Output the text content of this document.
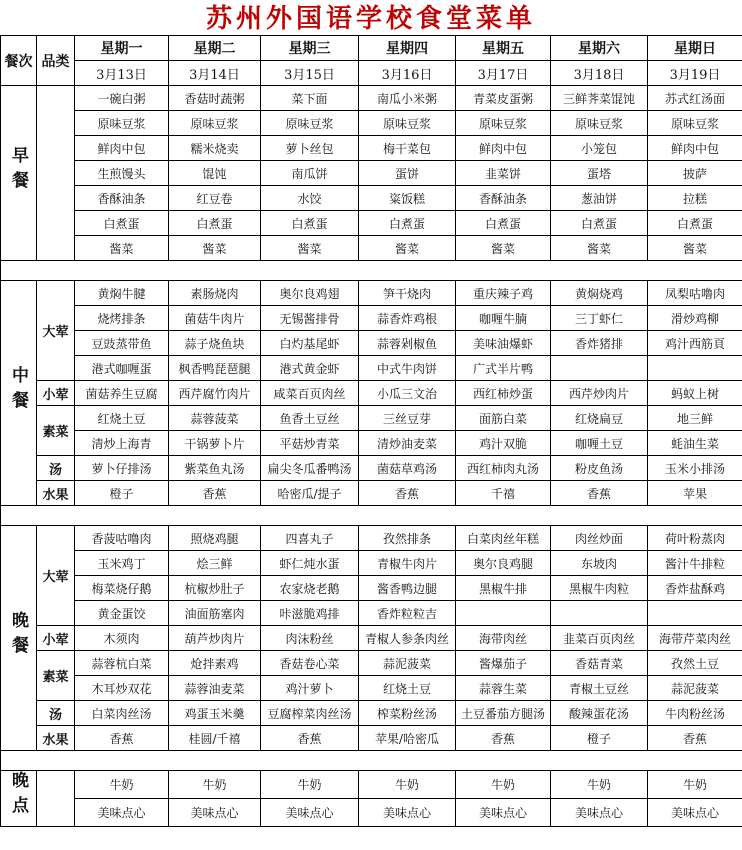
苏州外国语学校食堂菜单
餐次	品类	星期一	星期二	星期三	星期四	星期五	星期六	星期日
		3月13日	3月14日	3月15日	3月16日	3月17日	3月18日	3月19日
早餐		一碗白粥	香菇时蔬粥	菜下面	南瓜小米粥	青菜皮蛋粥	三鲜荠菜馄饨	苏式红汤面
		原味豆浆	原味豆浆	原味豆浆	原味豆浆	原味豆浆	原味豆浆	原味豆浆
		鲜肉中包	糯米烧卖	萝卜丝包	梅干菜包	鲜肉中包	小笼包	鲜肉中包
		生煎馒头	馄饨	南瓜饼	蛋饼	韭菜饼	蛋塔	披萨
		香酥油条	红豆卷	水饺	粢饭糕	香酥油条	葱油饼	拉糕
		白煮蛋	白煮蛋	白煮蛋	白煮蛋	白煮蛋	白煮蛋	白煮蛋
		酱菜	酱菜	酱菜	酱菜	酱菜	酱菜	酱菜

中餐	大荤	黄焖牛腱	素肠烧肉	奥尔良鸡翅	笋干烧肉	重庆辣子鸡	黄焖烧鸡	凤梨咕噜肉
		烧烤排条	菌菇牛肉片	无锡酱排骨	蒜香炸鸡根	咖喱牛腩	三丁虾仁	滑炒鸡柳
		豆豉蒸带鱼	蒜子烧鱼块	白灼基尾虾	蒜蓉剁椒鱼	美味油爆虾	香炸猪排	鸡汁西筋頁
		港式咖喱蛋	枫香鸭琵琶腿	港式黄金虾	中式牛肉饼	广式半片鸭		
	小荤	菌菇养生豆腐	西芹腐竹肉片	咸菜百页肉丝	小瓜三文治	西红柿炒蛋	西芹炒肉片	蚂蚁上树
	素菜	红烧土豆	蒜蓉菠菜	鱼香土豆丝	三丝豆芽	面筋白菜	红烧扁豆	地三鲜
		清炒上海青	干锅萝卜片	平菇炒青菜	清炒油麦菜	鸡汁双脆	咖喱土豆	蚝油生菜
	汤	萝卜仔排汤	紫菜鱼丸汤	扁尖冬瓜番鸭汤	菌菇草鸡汤	西红柿肉丸汤	粉皮鱼汤	玉米小排汤
	水果	橙子	香蕉	哈密瓜/提子	香蕉	千禧	香蕉	苹果

晚餐	大荤	香菠咕噜肉	照烧鸡腿	四喜丸子	孜然排条	白菜肉丝年糕	肉丝炒面	荷叶粉蒸肉
		玉米鸡丁	烩三鲜	虾仁炖水蛋	青椒牛肉片	奥尔良鸡腿	东坡肉	酱汁牛排粒
		梅菜烧仔鹅	杭椒炒肚子	农家烧老鹅	酱香鸭边腿	黑椒牛排	黑椒牛肉粒	香炸盐酥鸡
		黄金蛋饺	油面筋塞肉	咔滋脆鸡排	香炸粒粒吉			
	小荤	木须肉	葫芦炒肉片	肉沫粉丝	青椒人参条肉丝	海带肉丝	韭菜百页肉丝	海带芹菜肉丝
	素菜	蒜蓉杭白菜	炝拌素鸡	香菇卷心菜	蒜泥菠菜	酱爆茄子	香菇青菜	孜然土豆
		木耳炒双花	蒜蓉油麦菜	鸡汁萝卜	红烧土豆	蒜蓉生菜	青椒土豆丝	蒜泥菠菜
	汤	白菜肉丝汤	鸡蛋玉米羹	豆腐榨菜肉丝汤	榨菜粉丝汤	土豆番茄方腿汤	酸辣蛋花汤	牛肉粉丝汤
	水果	香蕉	桂圆/千禧	香蕉	苹果/哈密瓜	香蕉	橙子	香蕉

晚点		牛奶	牛奶	牛奶	牛奶	牛奶	牛奶	牛奶
		美味点心	美味点心	美味点心	美味点心	美味点心	美味点心	美味点心
